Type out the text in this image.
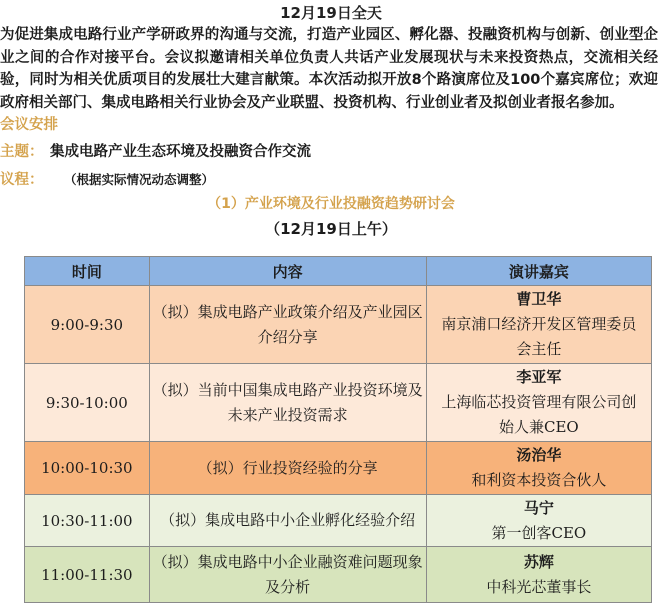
12月19日全天
为促进集成电路行业产学研政界的沟通与交流，打造产业园区、孵化器、投融资机构与创新、创业型企业之间的合作对接平台。会议拟邀请相关单位负责人共话产业发展现状与未来投资热点，交流相关经验，同时为相关优质项目的发展壮大建言献策。本次活动拟开放8个路演席位及100个嘉宾席位；欢迎政府相关部门、集成电路相关行业协会及产业联盟、投资机构、行业创业者及拟创业者报名参加。
会议安排
主题： 集成电路产业生态环境及投融资合作交流
议程： （根据实际情况动态调整）
（1）产业环境及行业投融资趋势研讨会
（12月19日上午）
时间	内容	演讲嘉宾
9:00-9:30	（拟）集成电路产业政策介绍及产业园区介绍分享	曹卫华
南京浦口经济开发区管理委员会主任

9:30-10:00	（拟）当前中国集成电路产业投资环境及未来产业投资需求	李亚军
上海临芯投资管理有限公司创始人兼CEO

10:00-10:30	（拟）行业投资经验的分享	汤治华
和利资本投资合伙人

10:30-11:00	（拟）集成电路中小企业孵化经验介绍	马宁
第一创客CEO

11:00-11:30	（拟）集成电路中小企业融资难问题现象及分析	苏辉
中科光芯董事长
